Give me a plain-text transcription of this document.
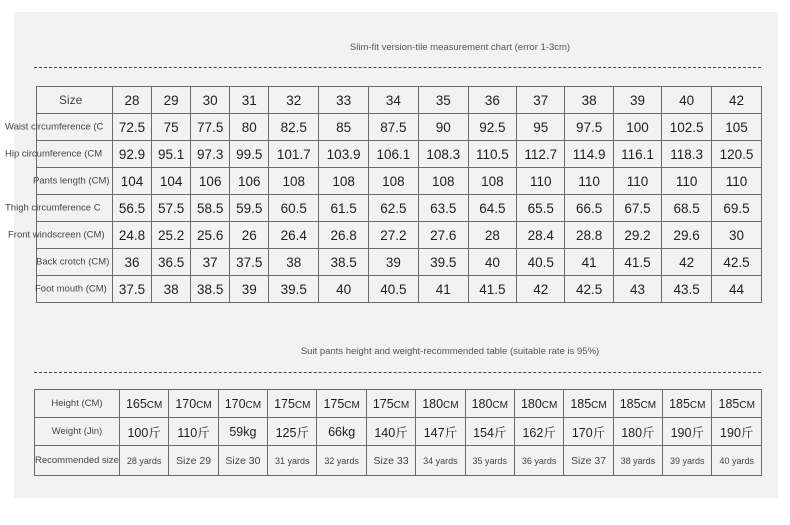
Slim-fit version-tile measurement chart (error 1-3cm)
Size	28	29	30	31	32	33	34	35	36	37	38	39	40	42

Waist circumference (C	72.5	75	77.5	80	82.5	85	87.5	90	92.5	95	97.5	100	102.5	105

Hip circumference (CM	92.9	95.1	97.3	99.5	101.7	103.9	106.1	108.3	110.5	112.7	114.9	116.1	118.3	120.5

Pants length (CM)	104	104	106	106	108	108	108	108	108	110	110	110	110	110

Thigh circumference C	56.5	57.5	58.5	59.5	60.5	61.5	62.5	63.5	64.5	65.5	66.5	67.5	68.5	69.5

Front windscreen (CM)	24.8	25.2	25.6	26	26.4	26.8	27.2	27.6	28	28.4	28.8	29.2	29.6	30

Back crotch (CM)	36	36.5	37	37.5	38	38.5	39	39.5	40	40.5	41	41.5	42	42.5

Foot mouth (CM)	37.5	38	38.5	39	39.5	40	40.5	41	41.5	42	42.5	43	43.5	44
Suit pants height and weight-recommended table (suitable rate is 95%)
Height (CM)	165CM	170CM	170CM	175CM	175CM	175CM	180CM	180CM	180CM	185CM	185CM	185CM	185CM
Weight (Jin)	100斤	110斤	59kg	125斤	66kg	140斤	147斤	154斤	162斤	170斤	180斤	190斤	190斤
Recommended size	28 yards	Size 29	Size 30	31 yards	32 yards	Size 33	34 yards	35 yards	36 yards	Size 37	38 yards	39 yards	40 yards
